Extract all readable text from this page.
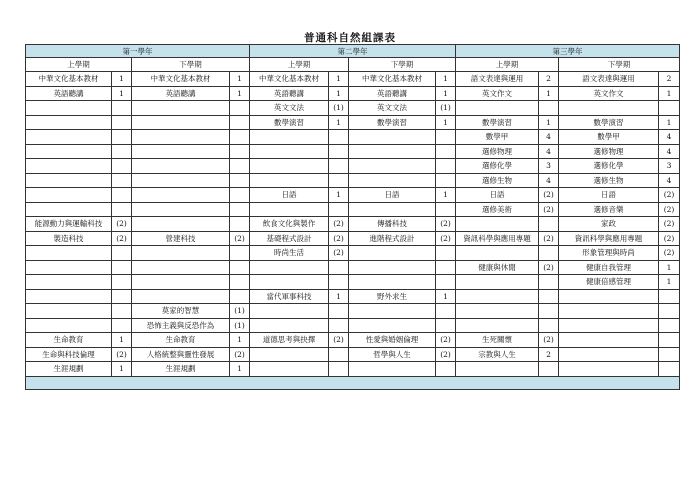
普通科自然組課表
第一學年				第二學年				第三學年			
上學期		下學期		上學期		下學期		上學期		下學期	
中華文化基本教材	1	中華文化基本教材	1	中華文化基本教材	1	中華文化基本教材	1	語文表達與運用	2	語文表達與運用	2
英語聽講	1	英語聽講	1	英語聽講	1	英語聽講	1	英文作文	1	英文作文	1
				英文文法	(1)	英文文法	(1)				
				數學演習	1	數學演習	1	數學演習	1	數學演習	1
								數學甲	4	數學甲	4
								選修物理	4	選修物理	4
								選修化學	3	選修化學	3
								選修生物	4	選修生物	4
				日語	1	日語	1	日語	(2)	日語	(2)
								選修美術	(2)	選修音樂	(2)
能源動力與運輸科技	(2)			飲食文化與製作	(2)	傳播科技	(2)			家政	(2)
製造科技	(2)	營建科技	(2)	基礎程式設計	(2)	進階程式設計	(2)	資訊科學與應用專題	(2)	資訊科學與應用專題	(2)
				時尚生活	(2)					形象管理與時尚	(2)
								健康與休閒	(2)	健康自我管理	1
										健康倍感管理	1
				當代軍事科技	1	野外求生	1				
		莫家的智慧	(1)								
		恐怖主義與反恐作為	(1)								
生命教育	1	生命教育	1	道德思考與抉擇	(2)	性愛與婚姻倫理	(2)	生死關懷	(2)		
生命與科技倫理	(2)	人格統整與靈性發展	(2)			哲學與人生	(2)	宗教與人生	2		
生涯規劃	1	生涯規劃	1								
